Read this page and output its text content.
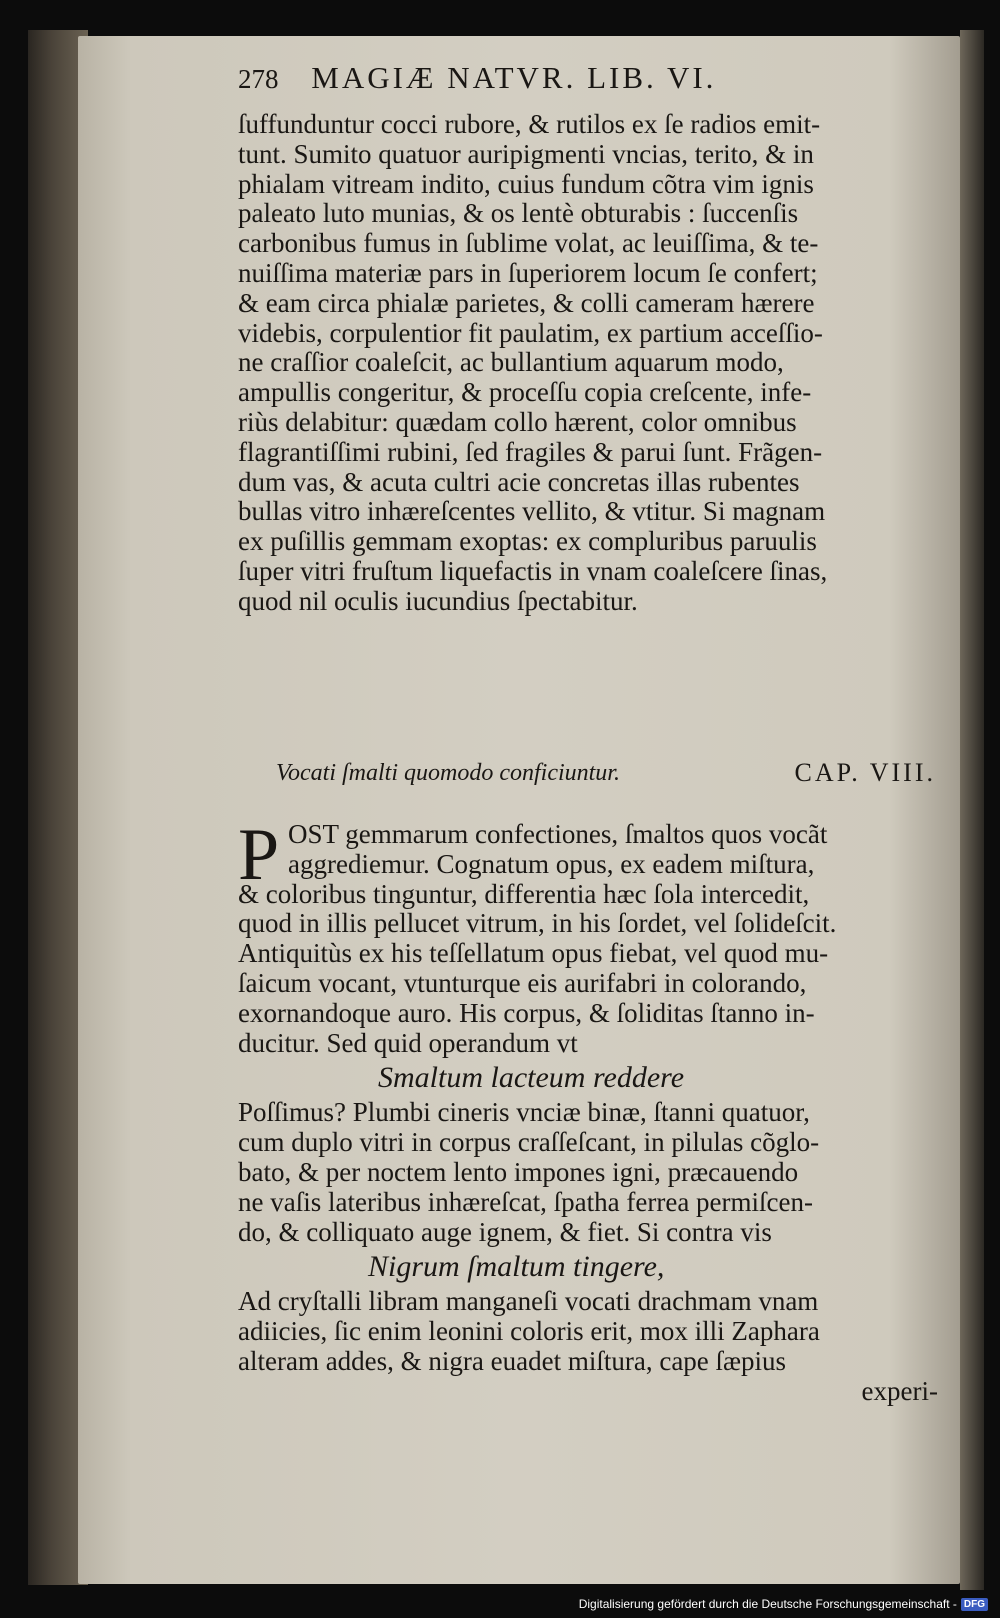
278 MAGIÆ NATVR. LIB. VI.
ſuffunduntur cocci rubore, & rutilos ex ſe radios emit-
tunt. Sumito quatuor auripigmenti vncias, terito, & in
phialam vitream indito, cuius fundum cõtra vim ignis
paleato luto munias, & os lentè obturabis : ſuccenſis
carbonibus fumus in ſublime volat, ac leuiſſima, & te-
nuiſſima materiæ pars in ſuperiorem locum ſe confert;
& eam circa phialæ parietes, & colli cameram hærere
videbis, corpulentior fit paulatim, ex partium acceſſio-
ne craſſior coaleſcit, ac bullantium aquarum modo,
ampullis congeritur, & proceſſu copia creſcente, infe-
riùs delabitur: quædam collo hærent, color omnibus
flagrantiſſimi rubini, ſed fragiles & parui ſunt. Frãgen-
dum vas, & acuta cultri acie concretas illas rubentes
bullas vitro inhæreſcentes vellito, & vtitur. Si magnam
ex puſillis gemmam exoptas: ex compluribus paruulis
ſuper vitri fruſtum liquefactis in vnam coaleſcere ſinas,
quod nil oculis iucundius ſpectabitur.
Vocati ſmalti quomodo conficiuntur.	CAP. VIII.
OST gemmarum confectiones, ſmaltos quos vocãt
aggrediemur. Cognatum opus, ex eadem miſtura,
& coloribus tinguntur, differentia hæc ſola intercedit,
quod in illis pellucet vitrum, in his ſordet, vel ſolideſcit.
Antiquitùs ex his teſſellatum opus fiebat, vel quod mu-
ſaicum vocant, vtunturque eis aurifabri in colorando,
exornandoque auro. His corpus, & ſoliditas ſtanno in-
ducitur. Sed quid operandum vt
P
Smaltum lacteum reddere
Poſſimus? Plumbi cineris vnciæ binæ, ſtanni quatuor,
cum duplo vitri in corpus craſſeſcant, in pilulas cõglo-
bato, & per noctem lento impones igni, præcauendo
ne vaſis lateribus inhæreſcat, ſpatha ferrea permiſcen-
do, & colliquato auge ignem, & fiet. Si contra vis
Nigrum ſmaltum tingere,
Ad cryſtalli libram manganeſi vocati drachmam vnam
adiicies, ſic enim leonini coloris erit, mox illi Zaphara
alteram addes, & nigra euadet miſtura, cape ſæpius
experi-
Digitalisierung gefördert durch die Deutsche Forschungsgemeinschaft - DFG
